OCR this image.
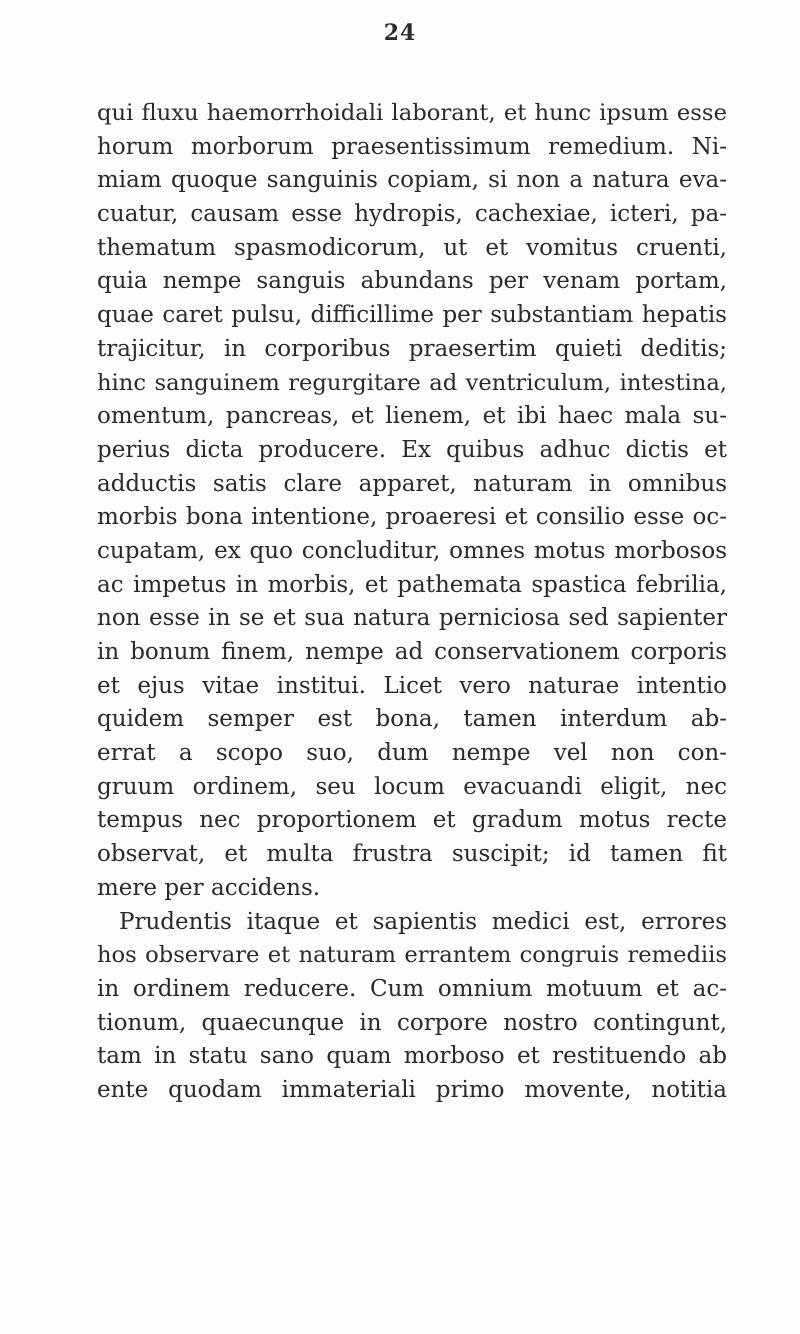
24
qui fluxu haemorrhoidali laborant, et hunc ipsum esse
horum morborum praesentissimum remedium. Ni-
miam quoque sanguinis copiam, si non a natura eva-
cuatur, causam esse hydropis, cachexiae, icteri, pa-
thematum spasmodicorum, ut et vomitus cruenti,
quia nempe sanguis abundans per venam portam,
quae caret pulsu, difficillime per substantiam hepatis
trajicitur, in corporibus praesertim quieti deditis;
hinc sanguinem regurgitare ad ventriculum, intestina,
omentum, pancreas, et lienem, et ibi haec mala su-
perius dicta producere. Ex quibus adhuc dictis et
adductis satis clare apparet, naturam in omnibus
morbis bona intentione, proaeresi et consilio esse oc-
cupatam, ex quo concluditur, omnes motus morbosos
ac impetus in morbis, et pathemata spastica febrilia,
non esse in se et sua natura perniciosa sed sapienter
in bonum finem, nempe ad conservationem corporis
et ejus vitae institui. Licet vero naturae intentio
quidem semper est bona, tamen interdum ab-
errat a scopo suo, dum nempe vel non con-
gruum ordinem, seu locum evacuandi eligit, nec
tempus nec proportionem et gradum motus recte
observat, et multa frustra suscipit; id tamen fit
mere per accidens.
Prudentis itaque et sapientis medici est, errores
hos observare et naturam errantem congruis remediis
in ordinem reducere. Cum omnium motuum et ac-
tionum, quaecunque in corpore nostro contingunt,
tam in statu sano quam morboso et restituendo ab
ente quodam immateriali primo movente, notitia
